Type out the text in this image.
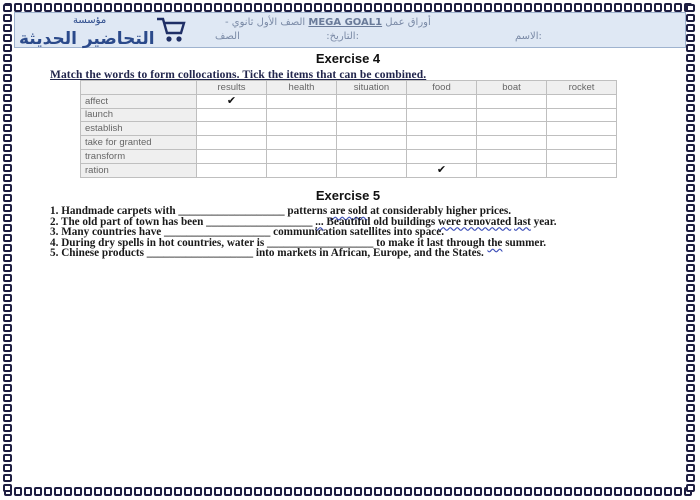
التحاضير الحديثة
مؤسسة	- الصف الأول ثانوي MEGA GOAL1 أوراق عمل
التاريخ:  الصف:	الاسم:
Exercise 4
Match the words to form collocations. Tick the items that can be combined.
	results	health	situation	food	boat	rocket
affect	✔					
launch						
establish						
take for granted						
transform						
ration				✔		
Exercise 5

1. Handmade carpets with ___________________ patterns are sold at considerably higher prices.

2. The old part of town has been ___________________ ... Beautiful old buildings were renovated last year.

3. Many countries have ___________________ communication satellites into space.

4. During dry spells in hot countries, water is ___________________ to make it last through the summer.

5. Chinese products ___________________ into markets in African, Europe, and the States.
